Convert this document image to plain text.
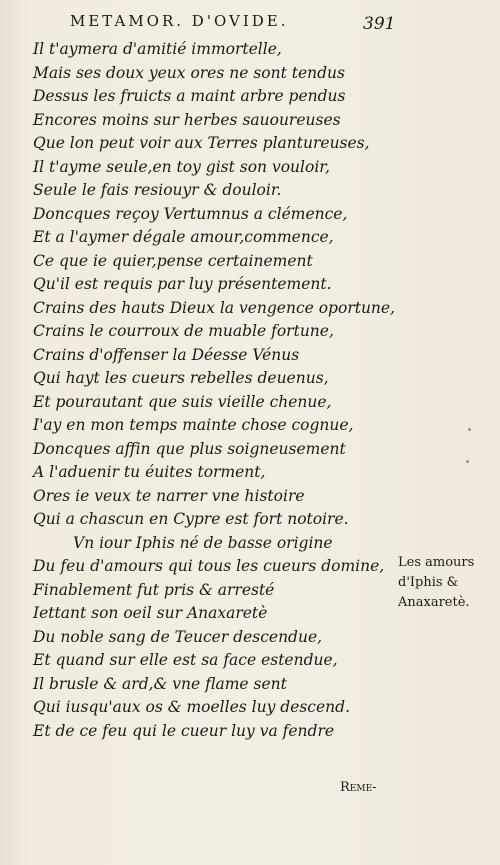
METAMOR. D'OVIDE.	391
Il t'aymera d'amitié immortelle,
Mais ses doux yeux ores ne sont tendus
Dessus les fruicts a maint arbre pendus
Encores moins sur herbes sauoureuses
Que lon peut voir aux Terres plantureuses,
Il t'ayme seule,en toy gist son vouloir,
Seule le fais resiouyr & douloir.
Doncques reçoy Vertumnus a clémence,
Et a l'aymer dégale amour,commence,
Ce que ie quier,pense certainement
Qu'il est requis par luy présentement.
Crains des hauts Dieux la vengence oportune,
Crains le courroux de muable fortune,
Crains d'offenser la Déesse Vénus
Qui hayt les cueurs rebelles deuenus,
Et pourautant que suis vieille chenue,
I'ay en mon temps mainte chose cognue,
Doncques affin que plus soigneusement
A l'aduenir tu éuites torment,
Ores ie veux te narrer vne histoire
Qui a chascun en Cypre est fort notoire.
Vn iour Iphis né de basse origine
Du feu d'amours qui tous les cueurs domine,
Finablement fut pris & arresté
Iettant son oeil sur Anaxaretè
Du noble sang de Teucer descendue,
Et quand sur elle est sa face estendue,
Il brusle & ard,& vne flame sent
Qui iusqu'aux os & moelles luy descend.
Et de ce feu qui le cueur luy va fendre
Les amours
d'Iphis &
Anaxaretè.
Reme-
